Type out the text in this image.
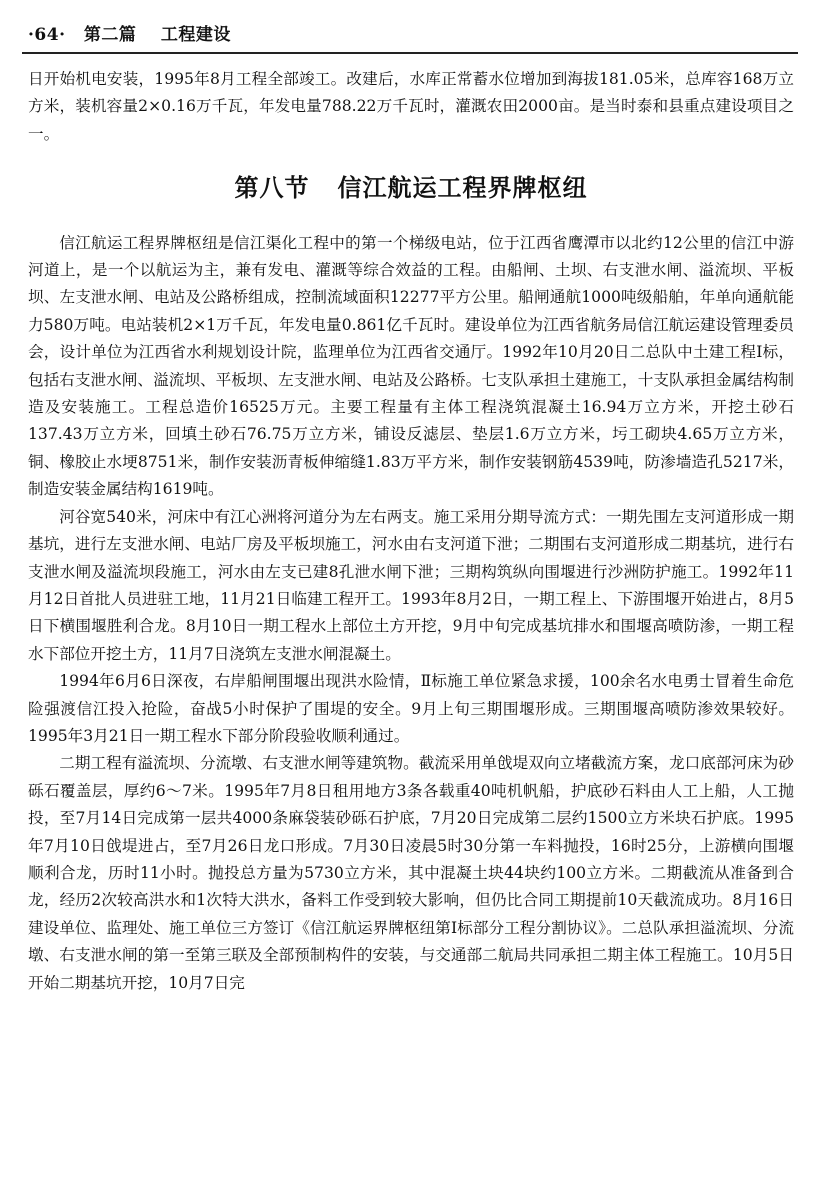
·64· 第二篇 工程建设

日开始机电安装，1995年8月工程全部竣工。改建后，水库正常蓄水位增加到海拔181.05米，总库容168万立方米，装机容量2×0.16万千瓦，年发电量788.22万千瓦时，灌溉农田2000亩。是当时泰和县重点建设项目之一。

第八节 信江航运工程界牌枢纽

信江航运工程界牌枢纽是信江渠化工程中的第一个梯级电站，位于江西省鹰潭市以北约12公里的信江中游河道上，是一个以航运为主，兼有发电、灌溉等综合效益的工程。由船闸、土坝、右支泄水闸、溢流坝、平板坝、左支泄水闸、电站及公路桥组成，控制流域面积12277平方公里。船闸通航1000吨级船舶，年单向通航能力580万吨。电站装机2×1万千瓦，年发电量0.861亿千瓦时。建设单位为江西省航务局信江航运建设管理委员会，设计单位为江西省水利规划设计院，监理单位为江西省交通厅。1992年10月20日二总队中土建工程Ⅰ标，包括右支泄水闸、溢流坝、平板坝、左支泄水闸、电站及公路桥。七支队承担土建施工，十支队承担金属结构制造及安装施工。工程总造价16525万元。主要工程量有主体工程浇筑混凝土16.94万立方米，开挖土砂石137.43万立方米，回填土砂石76.75万立方米，铺设反滤层、垫层1.6万立方米，圬工砌块4.65万立方米，铜、橡胶止水埂8751米，制作安装沥青板伸缩缝1.83万平方米，制作安装钢筋4539吨，防渗墙造孔5217米，制造安装金属结构1619吨。

河谷宽540米，河床中有江心洲将河道分为左右两支。施工采用分期导流方式：一期先围左支河道形成一期基坑，进行左支泄水闸、电站厂房及平板坝施工，河水由右支河道下泄；二期围右支河道形成二期基坑，进行右支泄水闸及溢流坝段施工，河水由左支已建8孔泄水闸下泄；三期构筑纵向围堰进行沙洲防护施工。1992年11月12日首批人员进驻工地，11月21日临建工程开工。1993年8月2日，一期工程上、下游围堰开始进占，8月5日下横围堰胜利合龙。8月10日一期工程水上部位土方开挖，9月中旬完成基坑排水和围堰高喷防渗，一期工程水下部位开挖土方，11月7日浇筑左支泄水闸混凝土。

1994年6月6日深夜，右岸船闸围堰出现洪水险情，Ⅱ标施工单位紧急求援，100余名水电勇士冒着生命危险强渡信江投入抢险，奋战5小时保护了围堤的安全。9月上旬三期围堰形成。三期围堰高喷防渗效果较好。1995年3月21日一期工程水下部分阶段验收顺利通过。

二期工程有溢流坝、分流墩、右支泄水闸等建筑物。截流采用单戗堤双向立堵截流方案，龙口底部河床为砂砾石覆盖层，厚约6～7米。1995年7月8日租用地方3条各载重40吨机帆船，护底砂石料由人工上船，人工抛投，至7月14日完成第一层共4000条麻袋装砂砾石护底，7月20日完成第二层约1500立方米块石护底。1995年7月10日戗堤进占，至7月26日龙口形成。7月30日凌晨5时30分第一车料抛投，16时25分，上游横向围堰顺利合龙，历时11小时。抛投总方量为5730立方米，其中混凝土块44块约100立方米。二期截流从准备到合龙，经历2次较高洪水和1次特大洪水，备料工作受到较大影响，但仍比合同工期提前10天截流成功。8月16日建设单位、监理处、施工单位三方签订《信江航运界牌枢纽第Ⅰ标部分工程分割协议》。二总队承担溢流坝、分流墩、右支泄水闸的第一至第三联及全部预制构件的安装，与交通部二航局共同承担二期主体工程施工。10月5日开始二期基坑开挖，10月7日完
